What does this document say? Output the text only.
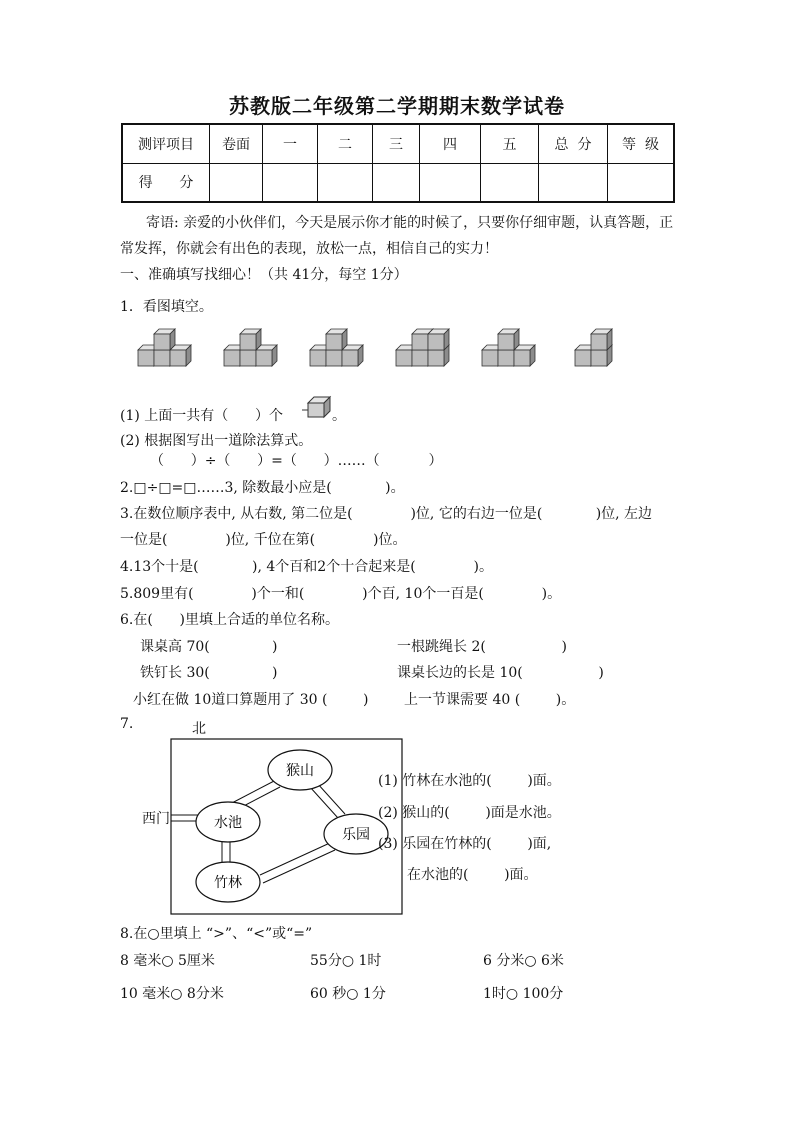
苏教版二年级第二学期期末数学试卷
测评项目	卷面	一	二	三	四	五	总  分	等  级
得      分								
寄语: 亲爱的小伙伴们，今天是展示你才能的时候了，只要你仔细审题，认真答题，正
常发挥，你就会有出色的表现，放松一点，相信自己的实力！
一、准确填写找细心！（共 41分，每空 1分）
1．看图填空。
(1) 上面一共有（      ）个	。
(2) 根据图写出一道除法算式。
（      ）÷（      ）=（      ）……（           ）
2.□÷□=□……3, 除数最小应是(            )。
3.在数位顺序表中, 从右数, 第二位是(             )位, 它的右边一位是(            )位, 左边
一位是(             )位, 千位在第(             )位。
4.13个十是(            ), 4个百和2个十合起来是(             )。
5.809里有(             )个一和(             )个百, 10个一百是(             )。
6.在(      )里填上合适的单位名称。
课桌高 70(              )	一根跳绳长 2(                 )
铁钉长 30(              )	课桌长边的长是 10(                 )
小红在做 10道口算题用了 30 (        )	上一节课需要 40 (        )。
7.	北
西门
猴山
水池
乐园
竹林
(1) 竹林在水池的(        )面。
(2) 猴山的(        )面是水池。
(3) 乐园在竹林的(        )面,
在水池的(        )面。
8.在○里填上 “>”、“<”或“=”
8 毫米○ 5厘米	55分○ 1时	6 分米○ 6米
10 毫米○ 8分米	60 秒○ 1分	1时○ 100分
